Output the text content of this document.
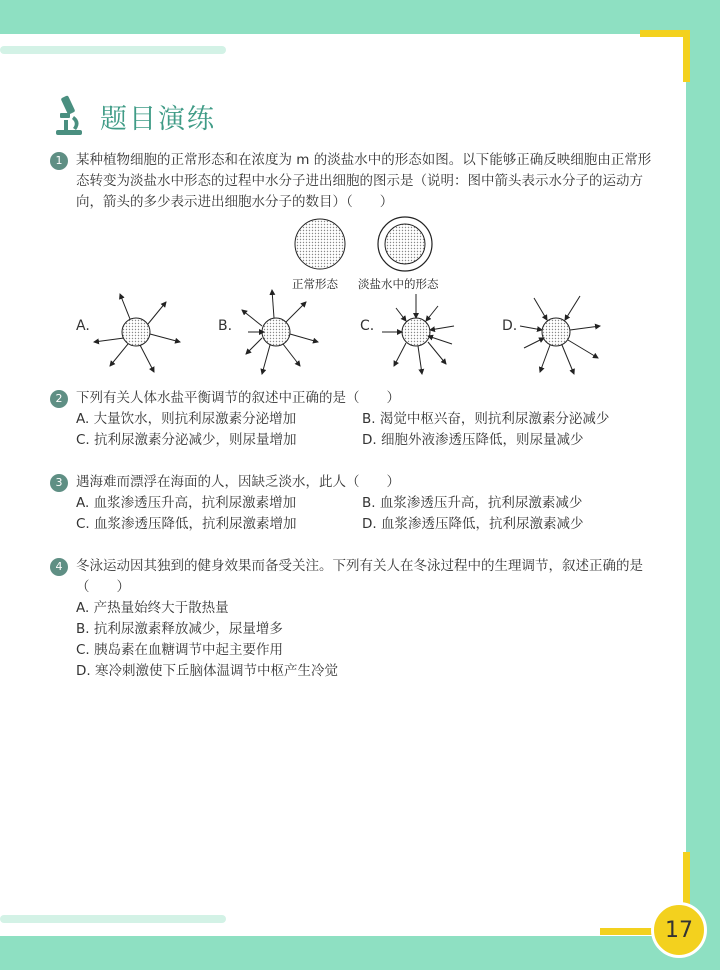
17
题目演练
1	某种植物细胞的正常形态和在浓度为 m 的淡盐水中的形态如图。以下能够正确反映细胞由正常形态转变为淡盐水中形态的过程中水分子进出细胞的图示是（说明：图中箭头表示水分子的运动方向，箭头的多少表示进出细胞水分子的数目）（　　）
正常形态 淡盐水中的形态
A.	B.	C.	D.
2	下列有关人体水盐平衡调节的叙述中正确的是（　　）
A. 大量饮水，则抗利尿激素分泌增加	B. 渴觉中枢兴奋，则抗利尿激素分泌减少
C. 抗利尿激素分泌减少，则尿量增加	D. 细胞外液渗透压降低，则尿量减少
3	遇海难而漂浮在海面的人，因缺乏淡水，此人（　　）
A. 血浆渗透压升高，抗利尿激素增加	B. 血浆渗透压升高，抗利尿激素减少
C. 血浆渗透压降低，抗利尿激素增加	D. 血浆渗透压降低，抗利尿激素减少
4	冬泳运动因其独到的健身效果而备受关注。下列有关人在冬泳过程中的生理调节，叙述正确的是（　　）
A. 产热量始终大于散热量
B. 抗利尿激素释放减少，尿量增多
C. 胰岛素在血糖调节中起主要作用
D. 寒冷刺激使下丘脑体温调节中枢产生冷觉
